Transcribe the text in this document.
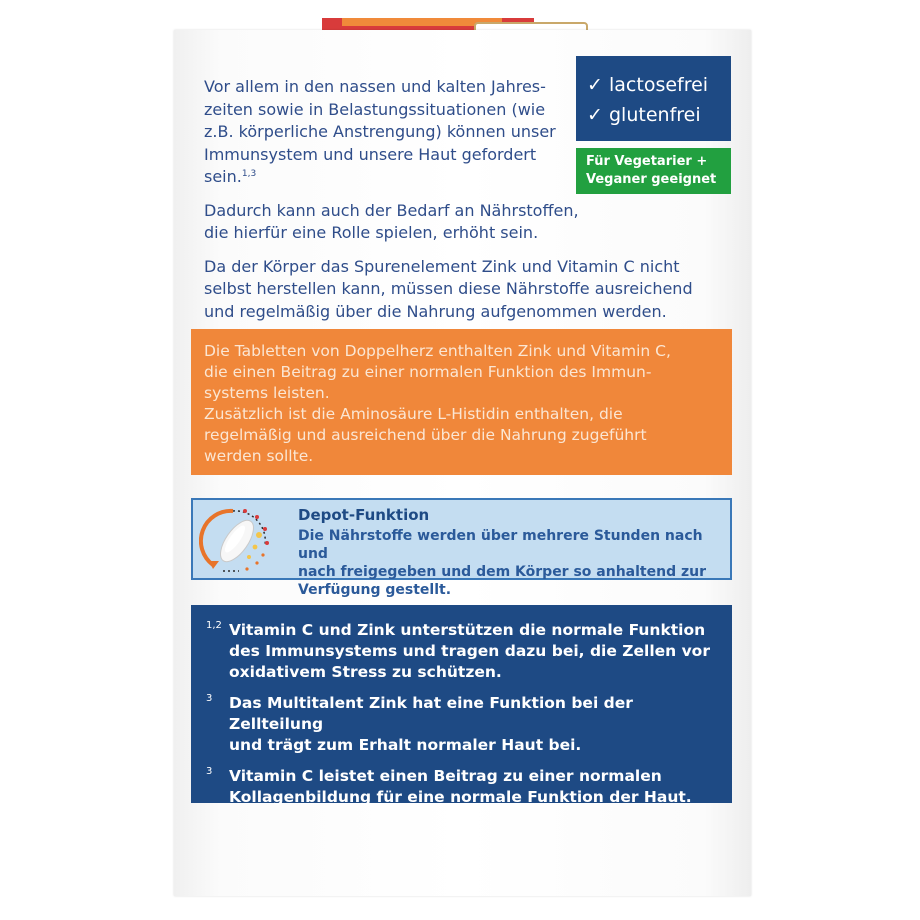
Vor allem in den nassen und kalten Jahres-
zeiten sowie in Belastungssituationen (wie
z.B. körperliche Anstrengung) können unser
Immunsystem und unsere Haut gefordert
sein.$^{1,3}$

Dadurch kann auch der Bedarf an Nährstoffen,
die hierfür eine Rolle spielen, erhöht sein.

Da der Körper das Spurenelement Zink und Vitamin C nicht
selbst herstellen kann, müssen diese Nährstoffe ausreichend
und regelmäßig über die Nahrung aufgenommen werden.

✓ lactosefrei
✓ glutenfrei
Für Vegetarier +
Veganer geeignet
Die Tabletten von Doppelherz enthalten Zink und Vitamin C,
die einen Beitrag zu einer normalen Funktion des Immun-
systems leisten.
Zusätzlich ist die Aminosäure L-Histidin enthalten, die
regelmäßig und ausreichend über die Nahrung zugeführt
werden sollte.
Depot-Funktion
Die Nährstoffe werden über mehrere Stunden nach und
nach freigegeben und dem Körper so anhaltend zur
Verfügung gestellt.
1,2 Vitamin C und Zink unterstützen die normale Funktion
des Immunsystems und tragen dazu bei, die Zellen vor
oxidativem Stress zu schützen.
3 Das Multitalent Zink hat eine Funktion bei der Zellteilung
und trägt zum Erhalt normaler Haut bei.
3 Vitamin C leistet einen Beitrag zu einer normalen
Kollagenbildung für eine normale Funktion der Haut.
